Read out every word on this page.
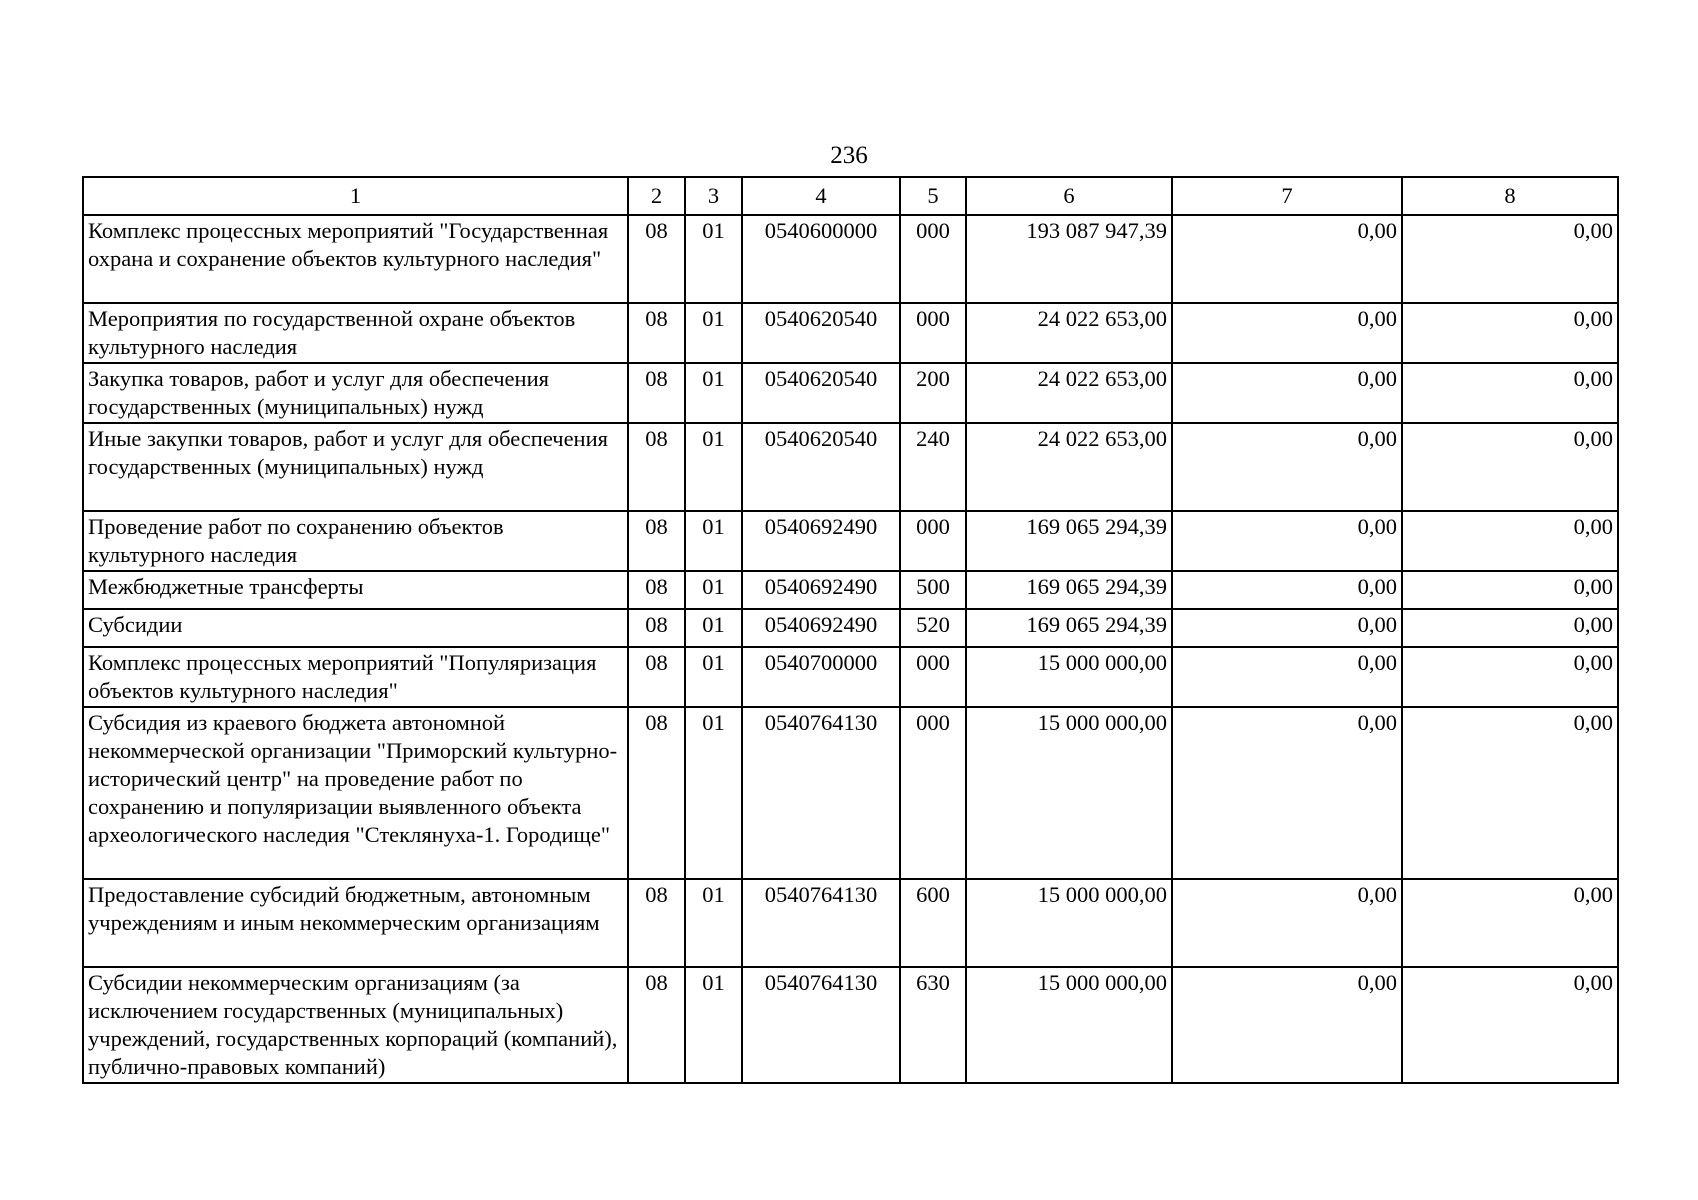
236
1	2	3	4	5	6	7	8
Комплекс процессных мероприятий "Государственная охрана и сохранение объектов культурного наследия"	08	01	0540600000	000	193 087 947,39	0,00	0,00
Мероприятия по государственной охране объектов культурного наследия	08	01	0540620540	000	24 022 653,00	0,00	0,00
Закупка товаров, работ и услуг для обеспечения государственных (муниципальных) нужд	08	01	0540620540	200	24 022 653,00	0,00	0,00
Иные закупки товаров, работ и услуг для обеспечения государственных (муниципальных) нужд	08	01	0540620540	240	24 022 653,00	0,00	0,00
Проведение работ по сохранению объектов культурного наследия	08	01	0540692490	000	169 065 294,39	0,00	0,00
Межбюджетные трансферты	08	01	0540692490	500	169 065 294,39	0,00	0,00
Субсидии	08	01	0540692490	520	169 065 294,39	0,00	0,00
Комплекс процессных мероприятий "Популяризация объектов культурного наследия"	08	01	0540700000	000	15 000 000,00	0,00	0,00
Субсидия из краевого бюджета автономной некоммерческой организации "Приморский культурно-исторический центр" на проведение работ по сохранению и популяризации выявленного объекта археологического наследия "Стеклянуха-1. Городище"	08	01	0540764130	000	15 000 000,00	0,00	0,00
Предоставление субсидий бюджетным, автономным учреждениям и иным некоммерческим организациям	08	01	0540764130	600	15 000 000,00	0,00	0,00
Субсидии некоммерческим организациям (за исключением государственных (муниципальных) учреждений, государственных корпораций (компаний), публично-правовых компаний)	08	01	0540764130	630	15 000 000,00	0,00	0,00
